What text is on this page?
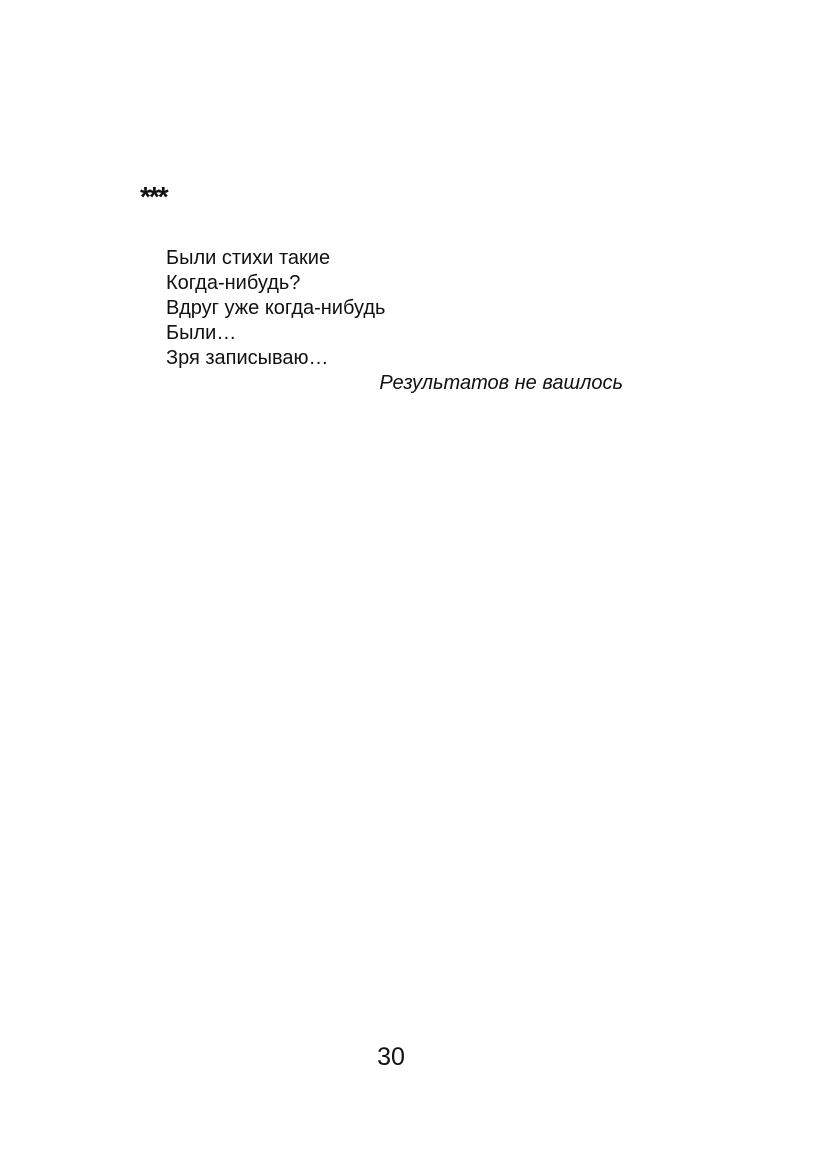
***
Были стихи такие
Когда-нибудь?
Вдруг уже когда-нибудь
Были…
Зря записываю…
Результатов не вашлось
30
